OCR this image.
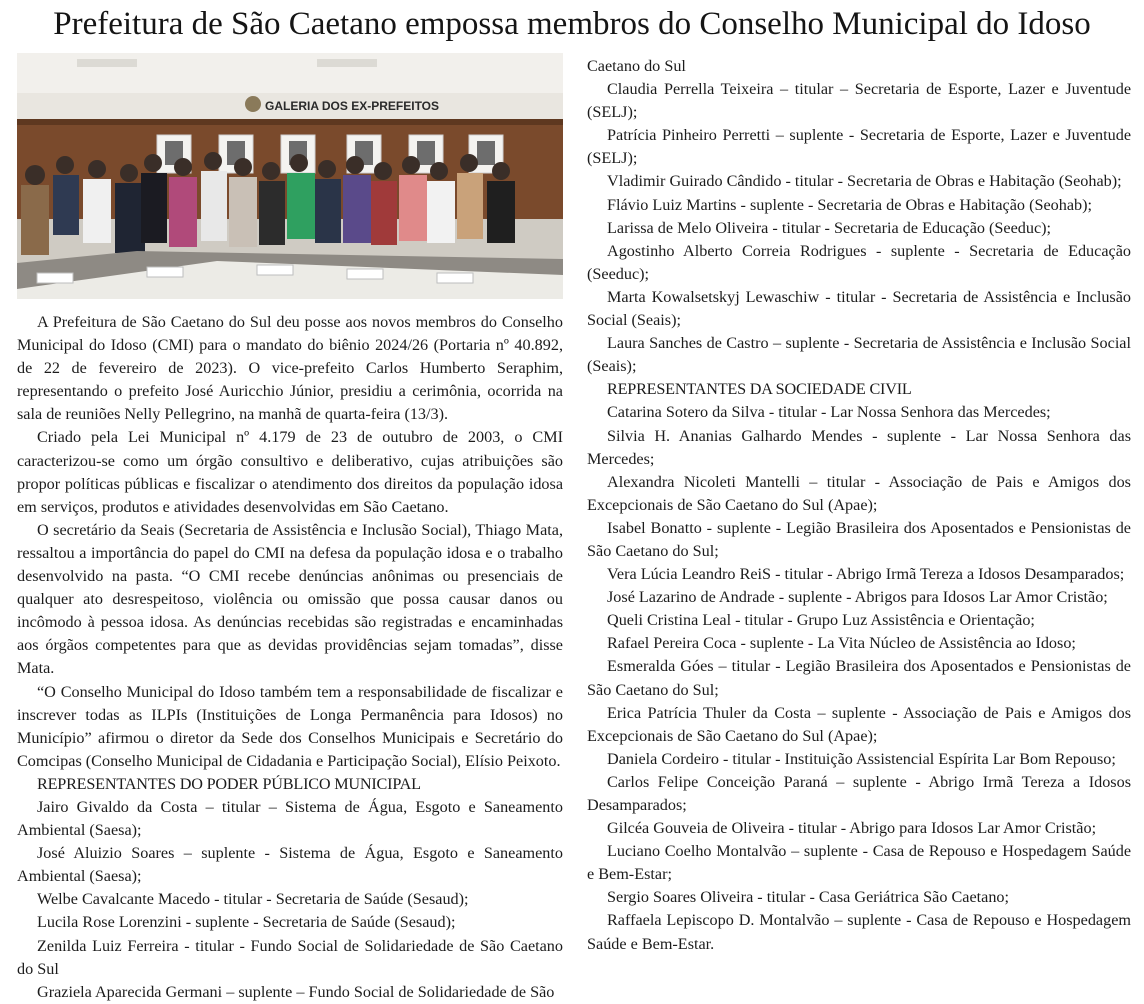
Prefeitura de São Caetano empossa membros do Conselho Municipal do Idoso
GALERIA DOS EX-PREFEITOS

A Prefeitura de São Caetano do Sul deu posse aos novos membros do Conselho Municipal do Idoso (CMI) para o mandato do biênio 2024/26 (Portaria nº 40.892, de 22 de fevereiro de 2023). O vice-prefeito Carlos Humberto Seraphim, representando o prefeito José Auricchio Júnior, presidiu a cerimônia, ocorrida na sala de reuniões Nelly Pellegrino, na manhã de quarta-feira (13/3).

Criado pela Lei Municipal nº 4.179 de 23 de outubro de 2003, o CMI caracterizou-se como um órgão consultivo e deliberativo, cujas atribuições são propor políticas públicas e fiscalizar o atendimento dos direitos da população idosa em serviços, produtos e atividades desenvolvidas em São Caetano.

O secretário da Seais (Secretaria de Assistência e Inclusão Social), Thiago Mata, ressaltou a importância do papel do CMI na defesa da população idosa e o trabalho desenvolvido na pasta. “O CMI recebe denúncias anônimas ou presenciais de qualquer ato desrespeitoso, violência ou omissão que possa causar danos ou incômodo à pessoa idosa. As denúncias recebidas são registradas e encaminhadas aos órgãos competentes para que as devidas providências sejam tomadas”, disse Mata.

“O Conselho Municipal do Idoso também tem a responsabilidade de fiscalizar e inscrever todas as ILPIs (Instituições de Longa Permanência para Idosos) no Município” afirmou o diretor da Sede dos Conselhos Municipais e Secretário do Comcipas (Conselho Municipal de Cidadania e Participação Social), Elísio Peixoto.

REPRESENTANTES DO PODER PÚBLICO MUNICIPAL

Jairo Givaldo da Costa – titular – Sistema de Água, Esgoto e Saneamento Ambiental (Saesa);

José Aluizio Soares – suplente - Sistema de Água, Esgoto e Saneamento Ambiental (Saesa);

Welbe Cavalcante Macedo - titular - Secretaria de Saúde (Sesaud);

Lucila Rose Lorenzini - suplente - Secretaria de Saúde (Sesaud);

Zenilda Luiz Ferreira - titular - Fundo Social de Solidariedade de São Caetano do Sul

Graziela Aparecida Germani – suplente – Fundo Social de Solidariedade de São

Caetano do Sul

Claudia Perrella Teixeira – titular – Secretaria de Esporte, Lazer e Juventude (SELJ);

Patrícia Pinheiro Perretti – suplente - Secretaria de Esporte, Lazer e Juventude (SELJ);

Vladimir Guirado Cândido - titular - Secretaria de Obras e Habitação (Seohab);

Flávio Luiz Martins - suplente - Secretaria de Obras e Habitação (Seohab);

Larissa de Melo Oliveira - titular - Secretaria de Educação (Seeduc);

Agostinho Alberto Correia Rodrigues - suplente - Secretaria de Educação (Seeduc);

Marta Kowalsetskyj Lewaschiw - titular - Secretaria de Assistência e Inclusão Social (Seais);

Laura Sanches de Castro – suplente - Secretaria de Assistência e Inclusão Social (Seais);

REPRESENTANTES DA SOCIEDADE CIVIL

Catarina Sotero da Silva - titular - Lar Nossa Senhora das Mercedes;

Silvia H. Ananias Galhardo Mendes - suplente - Lar Nossa Senhora das Mercedes;

Alexandra Nicoleti Mantelli – titular - Associação de Pais e Amigos dos Excepcionais de São Caetano do Sul (Apae);

Isabel Bonatto - suplente - Legião Brasileira dos Aposentados e Pensionistas de São Caetano do Sul;

Vera Lúcia Leandro ReiS - titular - Abrigo Irmã Tereza a Idosos Desamparados;

José Lazarino de Andrade - suplente - Abrigos para Idosos Lar Amor Cristão;

Queli Cristina Leal - titular - Grupo Luz Assistência e Orientação;

Rafael Pereira Coca - suplente - La Vita Núcleo de Assistência ao Idoso;

Esmeralda Góes – titular - Legião Brasileira dos Aposentados e Pensionistas de São Caetano do Sul;

Erica Patrícia Thuler da Costa – suplente - Associação de Pais e Amigos dos Excepcionais de São Caetano do Sul (Apae);

Daniela Cordeiro - titular - Instituição Assistencial Espírita Lar Bom Repouso;

Carlos Felipe Conceição Paraná – suplente - Abrigo Irmã Tereza a Idosos Desamparados;

Gilcéa Gouveia de Oliveira - titular - Abrigo para Idosos Lar Amor Cristão;

Luciano Coelho Montalvão – suplente - Casa de Repouso e Hospedagem Saúde e Bem-Estar;

Sergio Soares Oliveira - titular - Casa Geriátrica São Caetano;

Raffaela Lepiscopo D. Montalvão – suplente - Casa de Repouso e Hospedagem Saúde e Bem-Estar.
